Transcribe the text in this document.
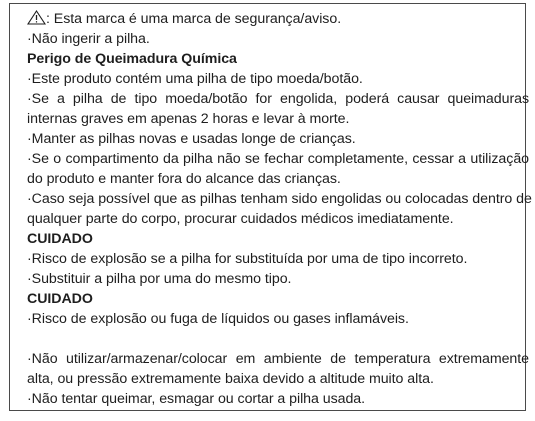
: Esta marca é uma marca de segurança/aviso.
·Não ingerir a pilha.
Perigo de Queimadura Química
·Este produto contém uma pilha de tipo moeda/botão.
·Se a pilha de tipo moeda/botão for engolida, poderá causar queimaduras
internas graves em apenas 2 horas e levar à morte.
·Manter as pilhas novas e usadas longe de crianças.
·Se o compartimento da pilha não se fechar completamente, cessar a utilização
do produto e manter fora do alcance das crianças.
·Caso seja possível que as pilhas tenham sido engolidas ou colocadas dentro de
qualquer parte do corpo, procurar cuidados médicos imediatamente.
CUIDADO
·Risco de explosão se a pilha for substituída por uma de tipo incorreto.
·Substituir a pilha por uma do mesmo tipo.
CUIDADO
·Risco de explosão ou fuga de líquidos ou gases inflamáveis.
·Não utilizar/armazenar/colocar em ambiente de temperatura extremamente
alta, ou pressão extremamente baixa devido a altitude muito alta.
·Não tentar queimar, esmagar ou cortar a pilha usada.
